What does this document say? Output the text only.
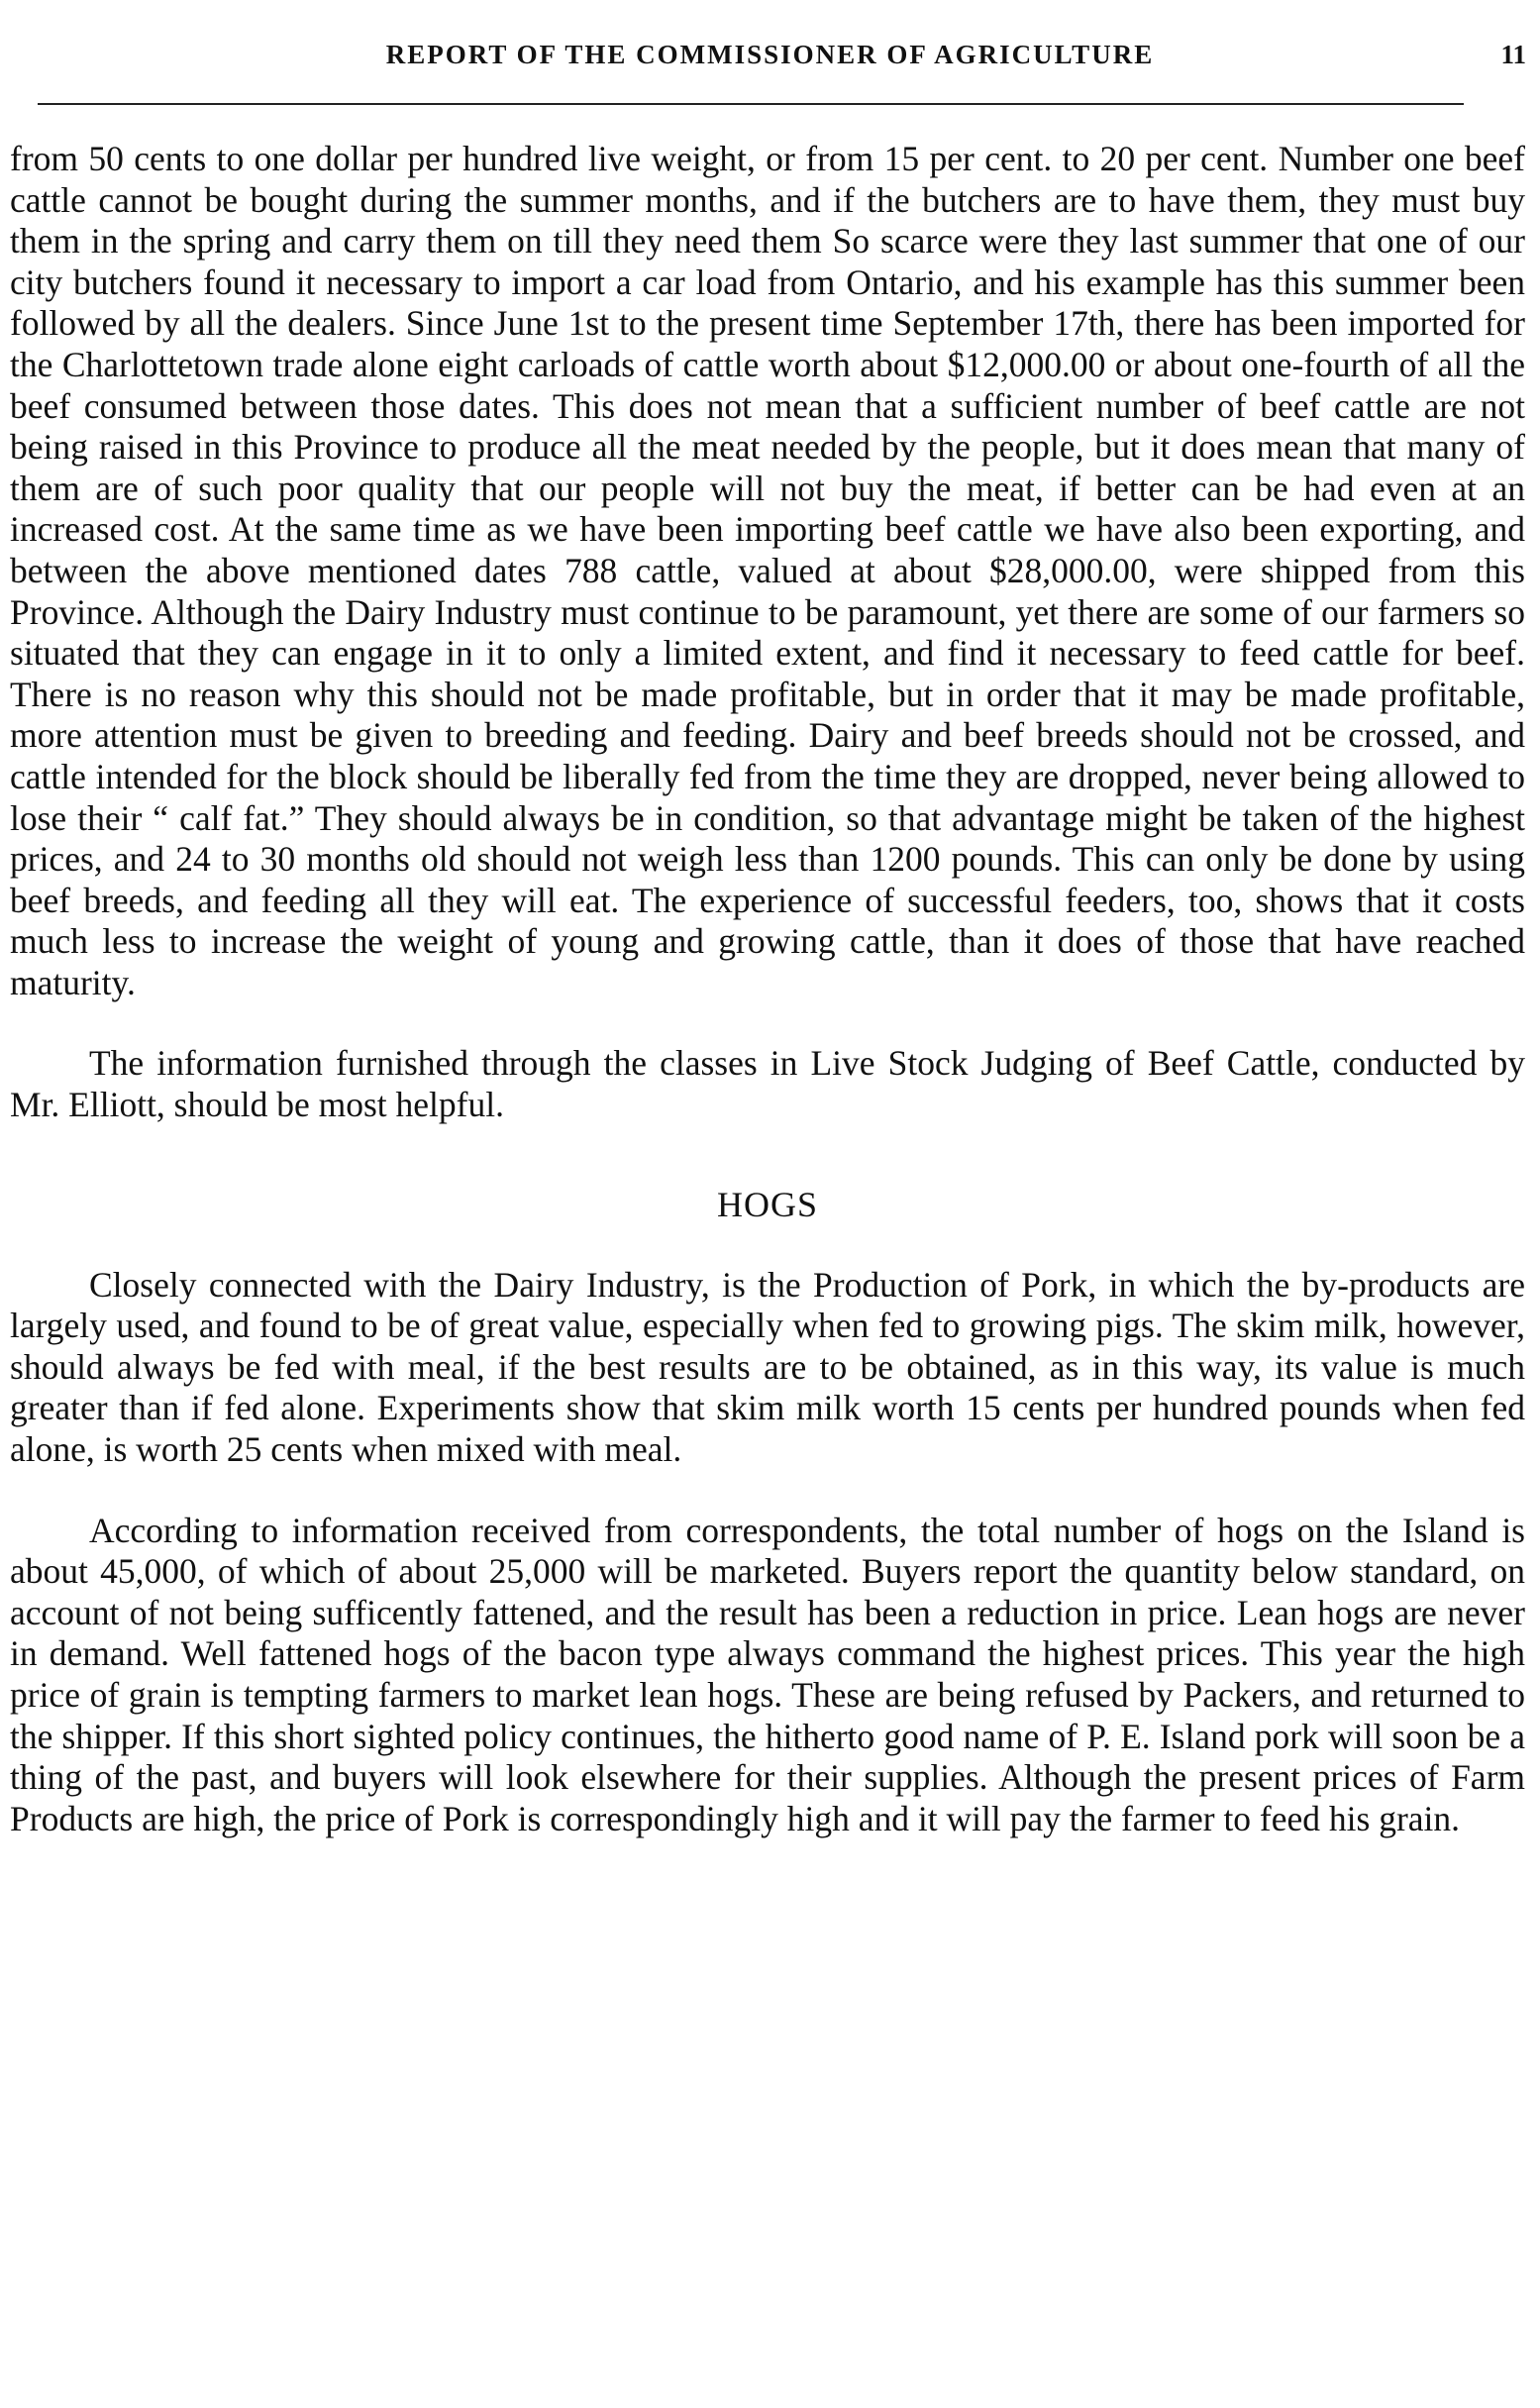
REPORT OF THE COMMISSIONER OF AGRICULTURE	11

from 50 cents to one dollar per hundred live weight, or from 15 per cent. to 20 per cent. Number one beef cattle cannot be bought during the summer months, and if the butchers are to have them, they must buy them in the spring and carry them on till they need them So scarce were they last summer that one of our city butchers found it necessary to import a car load from Ontario, and his example has this summer been followed by all the dealers. Since June 1st to the present time September 17th, there has been imported for the Charlottetown trade alone eight carloads of cattle worth about $12,000.00 or about one-fourth of all the beef consumed between those dates. This does not mean that a sufficient number of beef cattle are not being raised in this Province to produce all the meat needed by the people, but it does mean that many of them are of such poor quality that our people will not buy the meat, if better can be had even at an increased cost. At the same time as we have been importing beef cattle we have also been exporting, and between the above mentioned dates 788 cattle, valued at about $28,000.00, were shipped from this Province. Although the Dairy Industry must continue to be paramount, yet there are some of our farmers so situated that they can engage in it to only a limited extent, and find it necessary to feed cattle for beef. There is no reason why this should not be made profitable, but in order that it may be made profitable, more attention must be given to breeding and feeding. Dairy and beef breeds should not be crossed, and cattle intended for the block should be liberally fed from the time they are dropped, never being allowed to lose their “ calf fat.” They should always be in condition, so that advantage might be taken of the highest prices, and 24 to 30 months old should not weigh less than 1200 pounds. This can only be done by using beef breeds, and feeding all they will eat. The experience of successful feeders, too, shows that it costs much less to increase the weight of young and growing cattle, than it does of those that have reached maturity.

The information furnished through the classes in Live Stock Judging of Beef Cattle, conducted by Mr. Elliott, should be most helpful.

HOGS

Closely connected with the Dairy Industry, is the Production of Pork, in which the by-products are largely used, and found to be of great value, especially when fed to growing pigs. The skim milk, however, should always be fed with meal, if the best results are to be obtained, as in this way, its value is much greater than if fed alone. Experiments show that skim milk worth 15 cents per hundred pounds when fed alone, is worth 25 cents when mixed with meal.

According to information received from correspondents, the total number of hogs on the Island is about 45,000, of which of about 25,000 will be marketed. Buyers report the quantity below standard, on account of not being sufficently fattened, and the result has been a reduction in price. Lean hogs are never in demand. Well fattened hogs of the bacon type always command the highest prices. This year the high price of grain is tempting farmers to market lean hogs. These are being refused by Packers, and returned to the shipper. If this short sighted policy continues, the hitherto good name of P. E. Island pork will soon be a thing of the past, and buyers will look elsewhere for their supplies. Although the present prices of Farm Products are high, the price of Pork is correspondingly high and it will pay the farmer to feed his grain.
